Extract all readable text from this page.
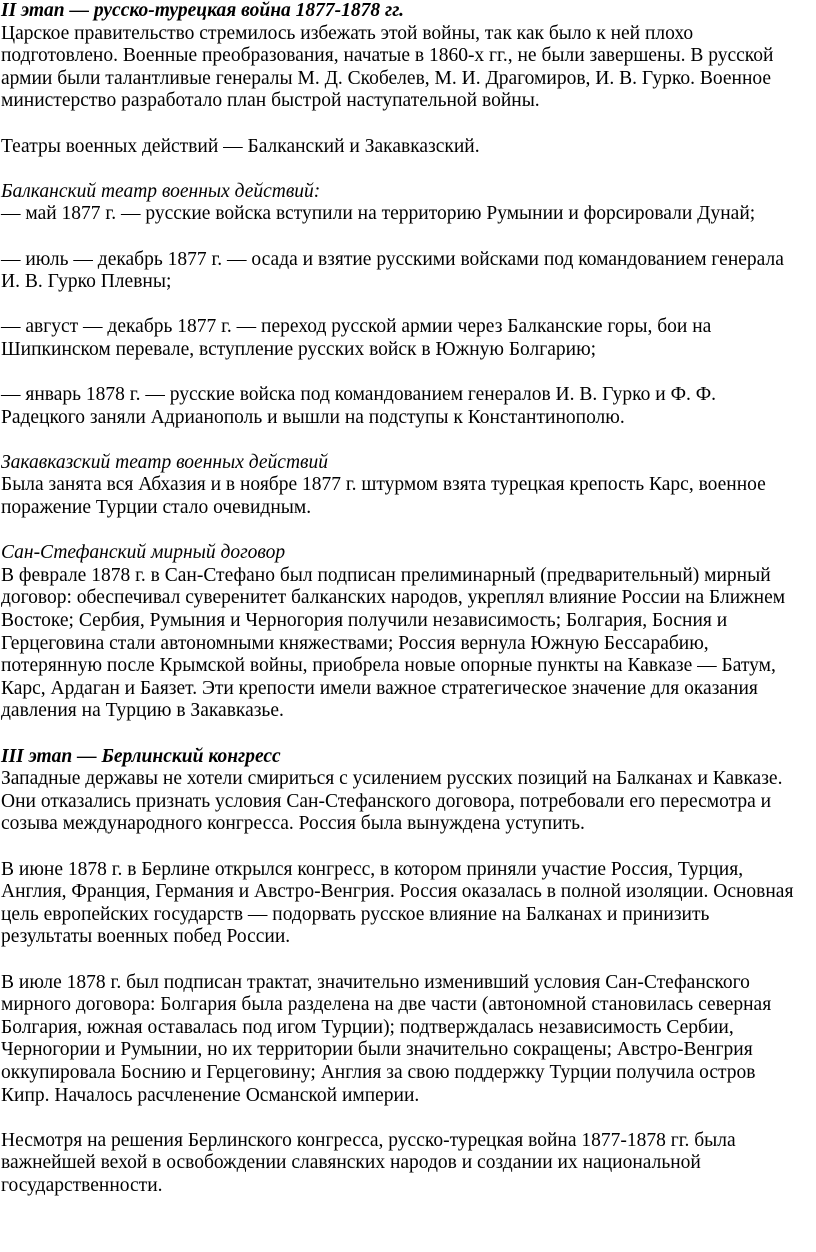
II этап — русско-турецкая война 1877-1878 гг.
Царское правительство стремилось избежать этой войны, так как было к ней плохо
подготовлено. Военные преобразования, начатые в 1860-х гг., не были завершены. В русской
армии были талантливые генералы М. Д. Скобелев, М. И. Драгомиров, И. В. Гурко. Военное
министерство разработало план быстрой наступательной войны.
Театры военных действий — Балканский и Закавказский.
Балканский театр военных действий:
— май 1877 г. — русские войска вступили на территорию Румынии и форсировали Дунай;
— июль — декабрь 1877 г. — осада и взятие русскими войсками под командованием генерала
И. В. Гурко Плевны;
— август — декабрь 1877 г. — переход русской армии через Балканские горы, бои на
Шипкинском перевале, вступление русских войск в Южную Болгарию;
— январь 1878 г. — русские войска под командованием генералов И. В. Гурко и Ф. Ф.
Радецкого заняли Адрианополь и вышли на подступы к Константинополю.
Закавказский театр военных действий
Была занята вся Абхазия и в ноябре 1877 г. штурмом взята турецкая крепость Карс, военное
поражение Турции стало очевидным.
Сан-Стефанский мирный договор
В феврале 1878 г. в Сан-Стефано был подписан прелиминарный (предварительный) мирный
договор: обеспечивал суверенитет балканских народов, укреплял влияние России на Ближнем
Востоке; Сербия, Румыния и Черногория получили независимость; Болгария, Босния и
Герцеговина стали автономными княжествами; Россия вернула Южную Бессарабию,
потерянную после Крымской войны, приобрела новые опорные пункты на Кавказе — Батум,
Карс, Ардаган и Баязет. Эти крепости имели важное стратегическое значение для оказания
давления на Турцию в Закавказье.
III этап — Берлинский конгресс
Западные державы не хотели смириться с усилением русских позиций на Балканах и Кавказе.
Они отказались признать условия Сан-Стефанского договора, потребовали его пересмотра и
созыва международного конгресса. Россия была вынуждена уступить.
В июне 1878 г. в Берлине открылся конгресс, в котором приняли участие Россия, Турция,
Англия, Франция, Германия и Австро-Венгрия. Россия оказалась в полной изоляции. Основная
цель европейских государств — подорвать русское влияние на Балканах и принизить
результаты военных побед России.
В июле 1878 г. был подписан трактат, значительно изменивший условия Сан-Стефанского
мирного договора: Болгария была разделена на две части (автономной становилась северная
Болгария, южная оставалась под игом Турции); подтверждалась независимость Сербии,
Черногории и Румынии, но их территории были значительно сокращены; Австро-Венгрия
оккупировала Боснию и Герцеговину; Англия за свою поддержку Турции получила остров
Кипр. Началось расчленение Османской империи.
Несмотря на решения Берлинского конгресса, русско-турецкая война 1877-1878 гг. была
важнейшей вехой в освобождении славянских народов и создании их национальной
государственности.
